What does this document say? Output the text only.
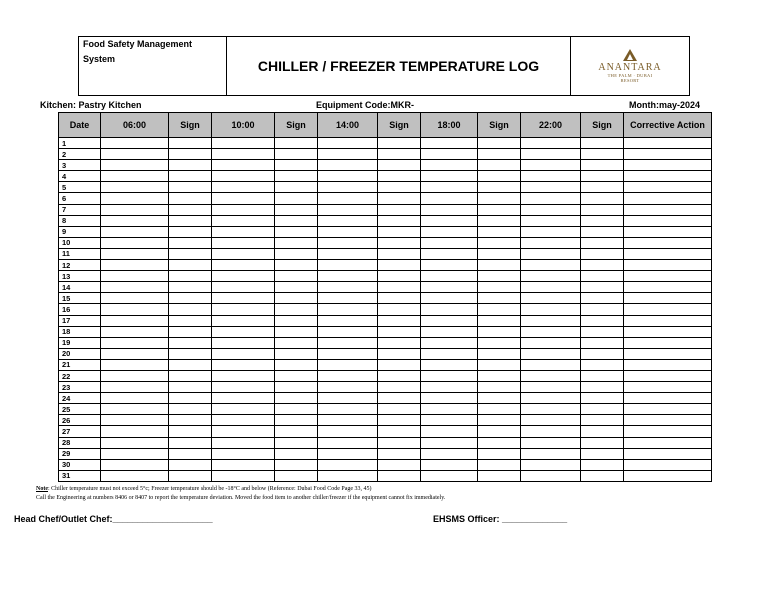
Food Safety Management System	CHILLER / FREEZER TEMPERATURE LOG	ANANTARA
THE PALM · DUBAI
RESORT
Kitchen: Pastry Kitchen	Equipment Code:MKR-	Month:may-2024
Date	06:00	Sign	10:00	Sign	14:00	Sign	18:00	Sign	22:00	Sign	Corrective Action
1											
2											
3											
4											
5											
6											
7											
8											
9											
10											
11											
12											
13											
14											
15											
16											
17											
18											
19											
20											
21											
22											
23											
24											
25											
26											
27											
28											
29											
30											
31											
Note: Chiller temperature must not exceed 5°c; Freezer temperature should be -18°C and below (Reference: Dubai Food Code Page 33, 45)
Call the Engineering at numbers 8406 or 8407 to report the temperature deviation. Moved the food item to another chiller/freezer if the equipment cannot fix immediately.
Head Chef/Outlet Chef:____________________	EHSMS Officer: _____________
